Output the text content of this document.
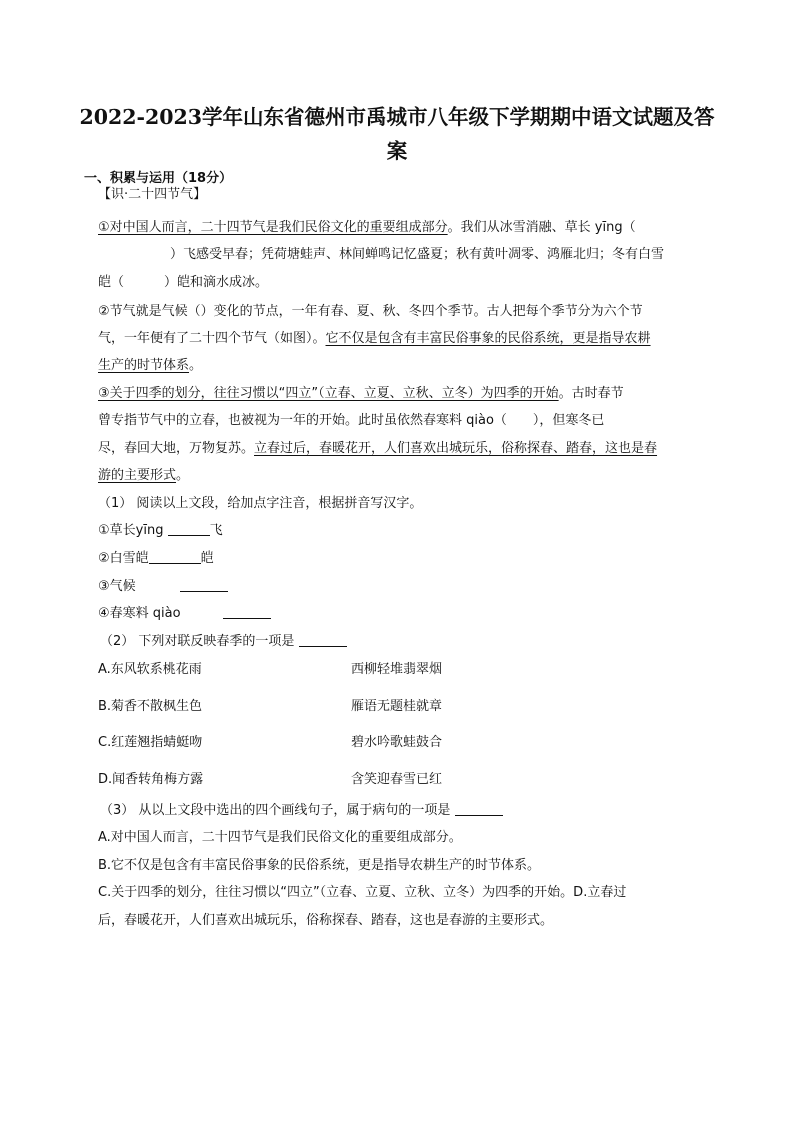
2022-2023学年山东省德州市禹城市八年级下学期期中语文试题及答
案
一、积累与运用（18分）
【识·二十四节气】
①对中国人而言，二十四节气是我们民俗文化的重要组成部分。我们从冰雪消融、草长 yīng（
）飞感受早春；凭荷塘蛙声、林间蝉鸣记忆盛夏；秋有黄叶凋零、鸿雁北归；冬有白雪
皑（	）皑和滴水成冰。
②节气就是气候（）变化的节点，一年有春、夏、秋、冬四个季节。古人把每个季节分为六个节
气，一年便有了二十四个节气（如图）。它不仅是包含有丰富民俗事象的民俗系统，更是指导农耕
生产的时节体系。
③关于四季的划分，往往习惯以“四立”（立春、立夏、立秋、立冬）为四季的开始。古时春节
曾专指节气中的立春，也被视为一年的开始。此时虽依然春寒料 qiào（　　），但寒冬已
尽，春回大地，万物复苏。立春过后，春暖花开，人们喜欢出城玩乐，俗称探春、踏春，这也是春
游的主要形式。
（1） 阅读以上文段，给加点字注音，根据拼音写汉字。
①草长yīng	飞
②白雪皑	皑
③气候
④春寒料 qiào
（2） 下列对联反映春季的一项是
A.东风软系桃花雨	西柳轻堆翡翠烟
B.菊香不散枫生色	雁语无题桂就章
C.红莲翘指蜻蜓吻	碧水吟歌蛙鼓合
D.闻香转角梅方露	含笑迎春雪已红
（3） 从以上文段中选出的四个画线句子，属于病句的一项是
A.对中国人而言，二十四节气是我们民俗文化的重要组成部分。
B.它不仅是包含有丰富民俗事象的民俗系统，更是指导农耕生产的时节体系。
C.关于四季的划分，往往习惯以“四立”（立春、立夏、立秋、立冬）为四季的开始。D.立春过
后，春暖花开，人们喜欢出城玩乐，俗称探春、踏春，这也是春游的主要形式。
